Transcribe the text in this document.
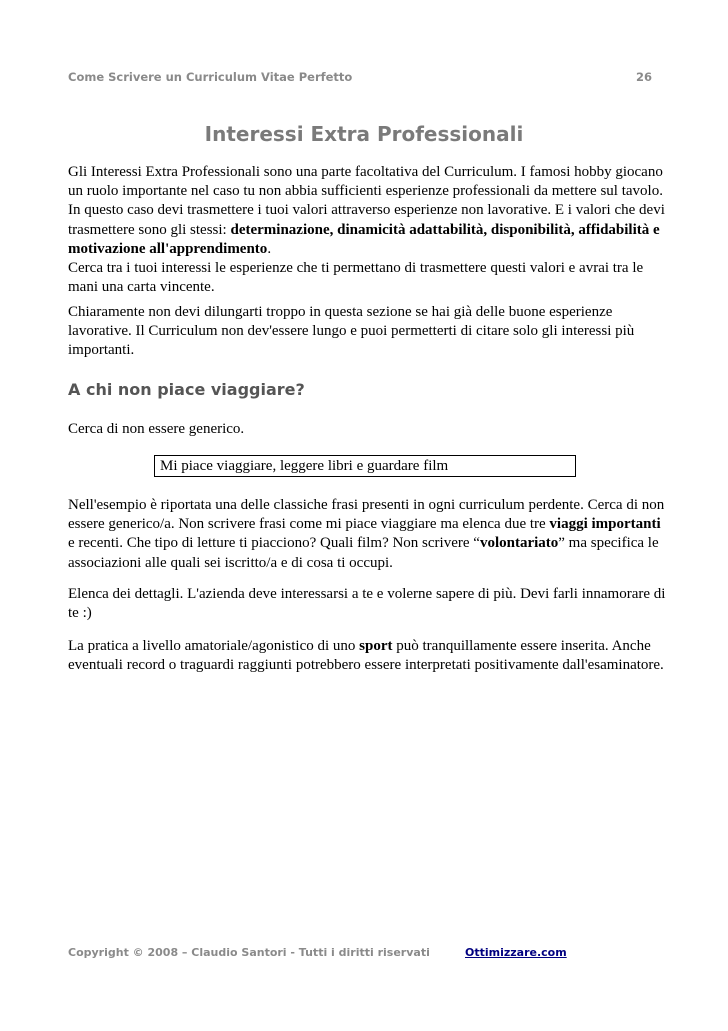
Come Scrivere un Curriculum Vitae Perfetto	26
Interessi Extra Professionali

Gli Interessi Extra Professionali sono una parte facoltativa del Curriculum. I famosi hobby giocano un ruolo importante nel caso tu non abbia sufficienti esperienze professionali da mettere sul tavolo. In questo caso devi trasmettere i tuoi valori attraverso esperienze non lavorative. E i valori che devi trasmettere sono gli stessi: determinazione, dinamicità adattabilità, disponibilità, affidabilità e motivazione all'apprendimento.

Cerca tra i tuoi interessi le esperienze che ti permettano di trasmettere questi valori e avrai tra le mani una carta vincente.

Chiaramente non devi dilungarti troppo in questa sezione se hai già delle buone esperienze lavorative. Il Curriculum non dev'essere lungo e puoi permetterti di citare solo gli interessi più importanti.
A chi non piace viaggiare?
Cerca di non essere generico.
Mi piace viaggiare, leggere libri e guardare film
Nell'esempio è riportata una delle classiche frasi presenti in ogni curriculum perdente. Cerca di non essere generico/a. Non scrivere frasi come mi piace viaggiare ma elenca due tre viaggi importanti e recenti. Che tipo di letture ti piacciono? Quali film? Non scrivere “volontariato” ma specifica le associazioni alle quali sei iscritto/a e di cosa ti occupi.
Elenca dei dettagli. L'azienda deve interessarsi a te e volerne sapere di più. Devi farli innamorare di te :)
La pratica a livello amatoriale/agonistico di uno sport può tranquillamente essere inserita. Anche eventuali record o traguardi raggiunti potrebbero essere interpretati positivamente dall'esaminatore.
Copyright © 2008 – Claudio Santori - Tutti i diritti riservati	Ottimizzare.com
